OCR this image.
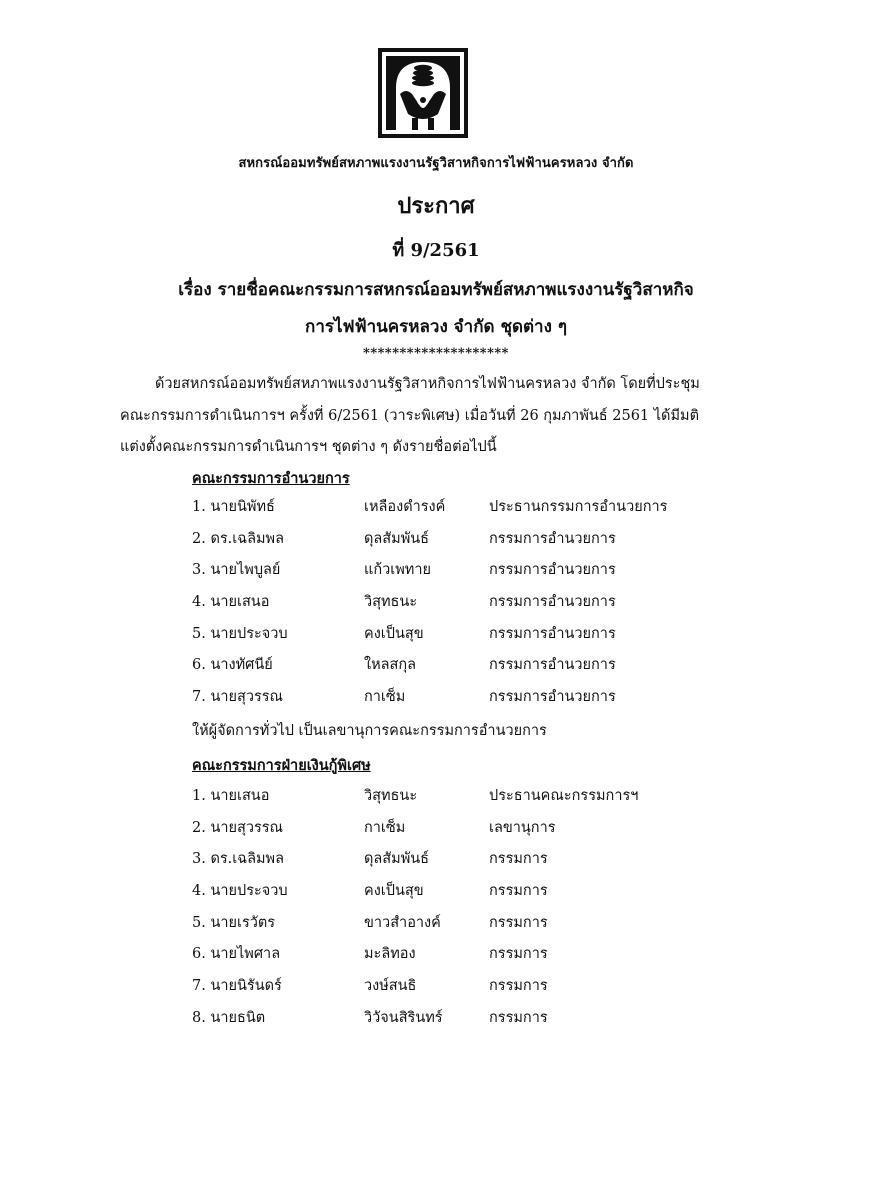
สหกรณ์ออมทรัพย์สหภาพแรงงานรัฐวิสาหกิจการไฟฟ้านครหลวง จำกัด
ประกาศ
ที่ 9/2561
เรื่อง รายชื่อคณะกรรมการสหกรณ์ออมทรัพย์สหภาพแรงงานรัฐวิสาหกิจ
การไฟฟ้านครหลวง จำกัด ชุดต่าง ๆ
********************
ด้วยสหกรณ์ออมทรัพย์สหภาพแรงงานรัฐวิสาหกิจการไฟฟ้านครหลวง จำกัด โดยที่ประชุม
คณะกรรมการดำเนินการฯ ครั้งที่ 6/2561 (วาระพิเศษ) เมื่อวันที่ 26 กุมภาพันธ์ 2561 ได้มีมติ
แต่งตั้งคณะกรรมการดำเนินการฯ ชุดต่าง ๆ ดังรายชื่อต่อไปนี้
คณะกรรมการอำนวยการ
1. นายนิพัทธ์	เหลืองดำรงค์	ประธานกรรมการอำนวยการ
2. ดร.เฉลิมพล	ดุลสัมพันธ์	กรรมการอำนวยการ
3. นายไพบูลย์	แก้วเพทาย	กรรมการอำนวยการ
4. นายเสนอ	วิสุทธนะ	กรรมการอำนวยการ
5. นายประจวบ	คงเป็นสุข	กรรมการอำนวยการ
6. นางทัศนีย์	ใหลสกุล	กรรมการอำนวยการ
7. นายสุวรรณ	กาเซ็ม	กรรมการอำนวยการ
ให้ผู้จัดการทั่วไป เป็นเลขานุการคณะกรรมการอำนวยการ
คณะกรรมการฝ่ายเงินกู้พิเศษ
1. นายเสนอ	วิสุทธนะ	ประธานคณะกรรมการฯ
2. นายสุวรรณ	กาเซ็ม	เลขานุการ
3. ดร.เฉลิมพล	ดุลสัมพันธ์	กรรมการ
4. นายประจวบ	คงเป็นสุข	กรรมการ
5. นายเรวัตร	ขาวสำอางค์	กรรมการ
6. นายไพศาล	มะลิทอง	กรรมการ
7. นายนิรันดร์	วงษ์สนธิ	กรรมการ
8. นายธนิต	วิวัจนสิรินทร์	กรรมการ
